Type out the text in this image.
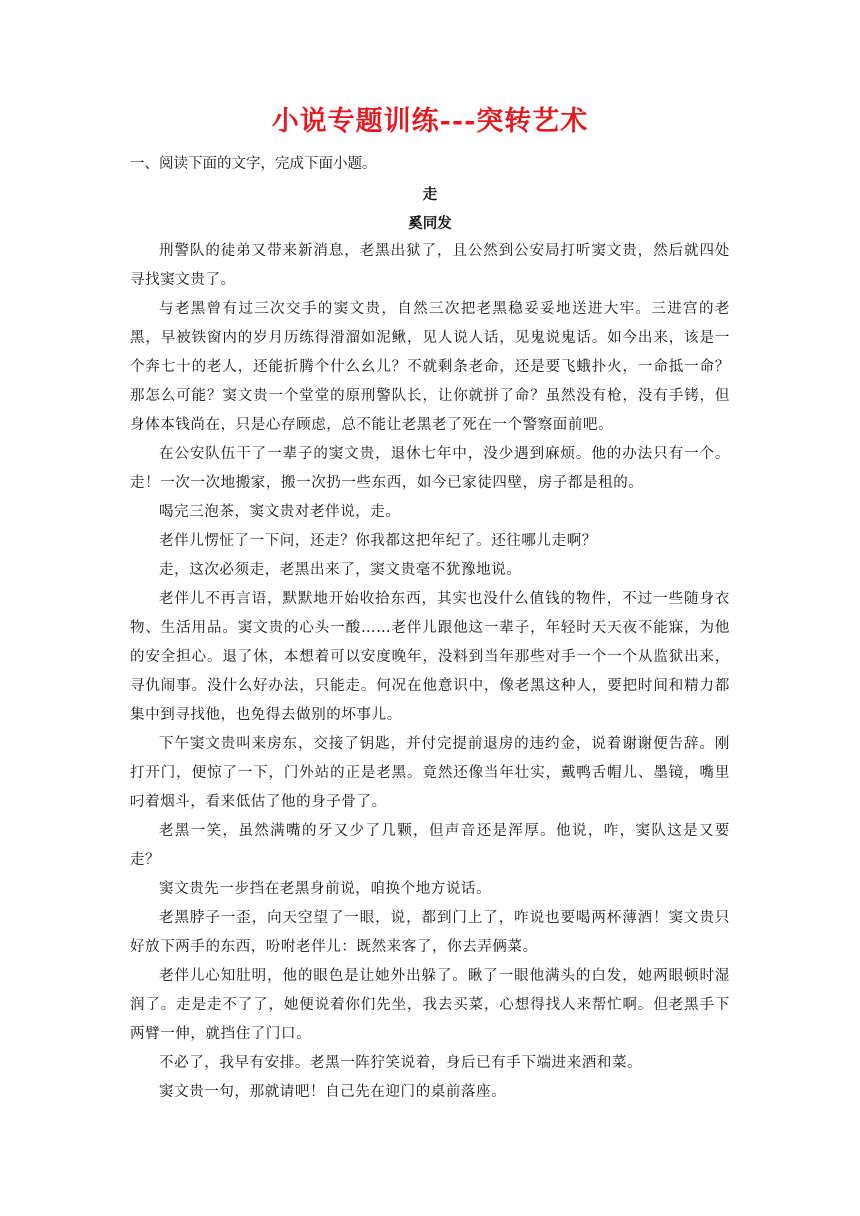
小说专题训练---突转艺术
一、阅读下面的文字，完成下面小题。
走
奚同发

刑警队的徒弟又带来新消息，老黑出狱了，且公然到公安局打听窦文贵，然后就四处寻找窦文贵了。

与老黑曾有过三次交手的窦文贵，自然三次把老黑稳妥妥地送进大牢。三进宫的老黑，早被铁窗内的岁月历练得滑溜如泥鳅，见人说人话，见鬼说鬼话。如今出来，该是一个奔七十的老人，还能折腾个什么幺儿？不就剩条老命，还是要飞蛾扑火，一命抵一命？那怎么可能？窦文贵一个堂堂的原刑警队长，让你就拼了命？虽然没有枪，没有手铐，但身体本钱尚在，只是心存顾虑，总不能让老黑老了死在一个警察面前吧。

在公安队伍干了一辈子的窦文贵，退休七年中，没少遇到麻烦。他的办法只有一个。走！一次一次地搬家，搬一次扔一些东西，如今已家徒四壁，房子都是租的。

喝完三泡茶，窦文贵对老伴说，走。

老伴儿愣怔了一下问，还走？你我都这把年纪了。还往哪儿走啊？

走，这次必须走，老黑出来了，窦文贵毫不犹豫地说。

老伴儿不再言语，默默地开始收拾东西，其实也没什么值钱的物件，不过一些随身衣物、生活用品。窦文贵的心头一酸……老伴儿跟他这一辈子，年轻时天天夜不能寐，为他的安全担心。退了休，本想着可以安度晚年，没料到当年那些对手一个一个从监狱出来，寻仇闹事。没什么好办法，只能走。何况在他意识中，像老黑这种人，要把时间和精力都集中到寻找他，也免得去做别的坏事儿。

下午窦文贵叫来房东，交接了钥匙，并付完提前退房的违约金，说着谢谢便告辞。刚打开门，便惊了一下，门外站的正是老黑。竟然还像当年壮实，戴鸭舌帽儿、墨镜，嘴里叼着烟斗，看来低估了他的身子骨了。

老黑一笑，虽然满嘴的牙又少了几颗，但声音还是浑厚。他说，咋，窦队这是又要走？

窦文贵先一步挡在老黑身前说，咱换个地方说话。

老黑脖子一歪，向天空望了一眼，说，都到门上了，咋说也要喝两杯薄酒！窦文贵只好放下两手的东西，吩咐老伴儿：既然来客了，你去弄俩菜。

老伴儿心知肚明，他的眼色是让她外出躲了。瞅了一眼他满头的白发，她两眼顿时湿润了。走是走不了了，她便说着你们先坐，我去买菜，心想得找人来帮忙啊。但老黑手下两臂一伸，就挡住了门口。

不必了，我早有安排。老黑一阵狞笑说着，身后已有手下端进来酒和菜。

窦文贵一句，那就请吧！自己先在迎门的桌前落座。
